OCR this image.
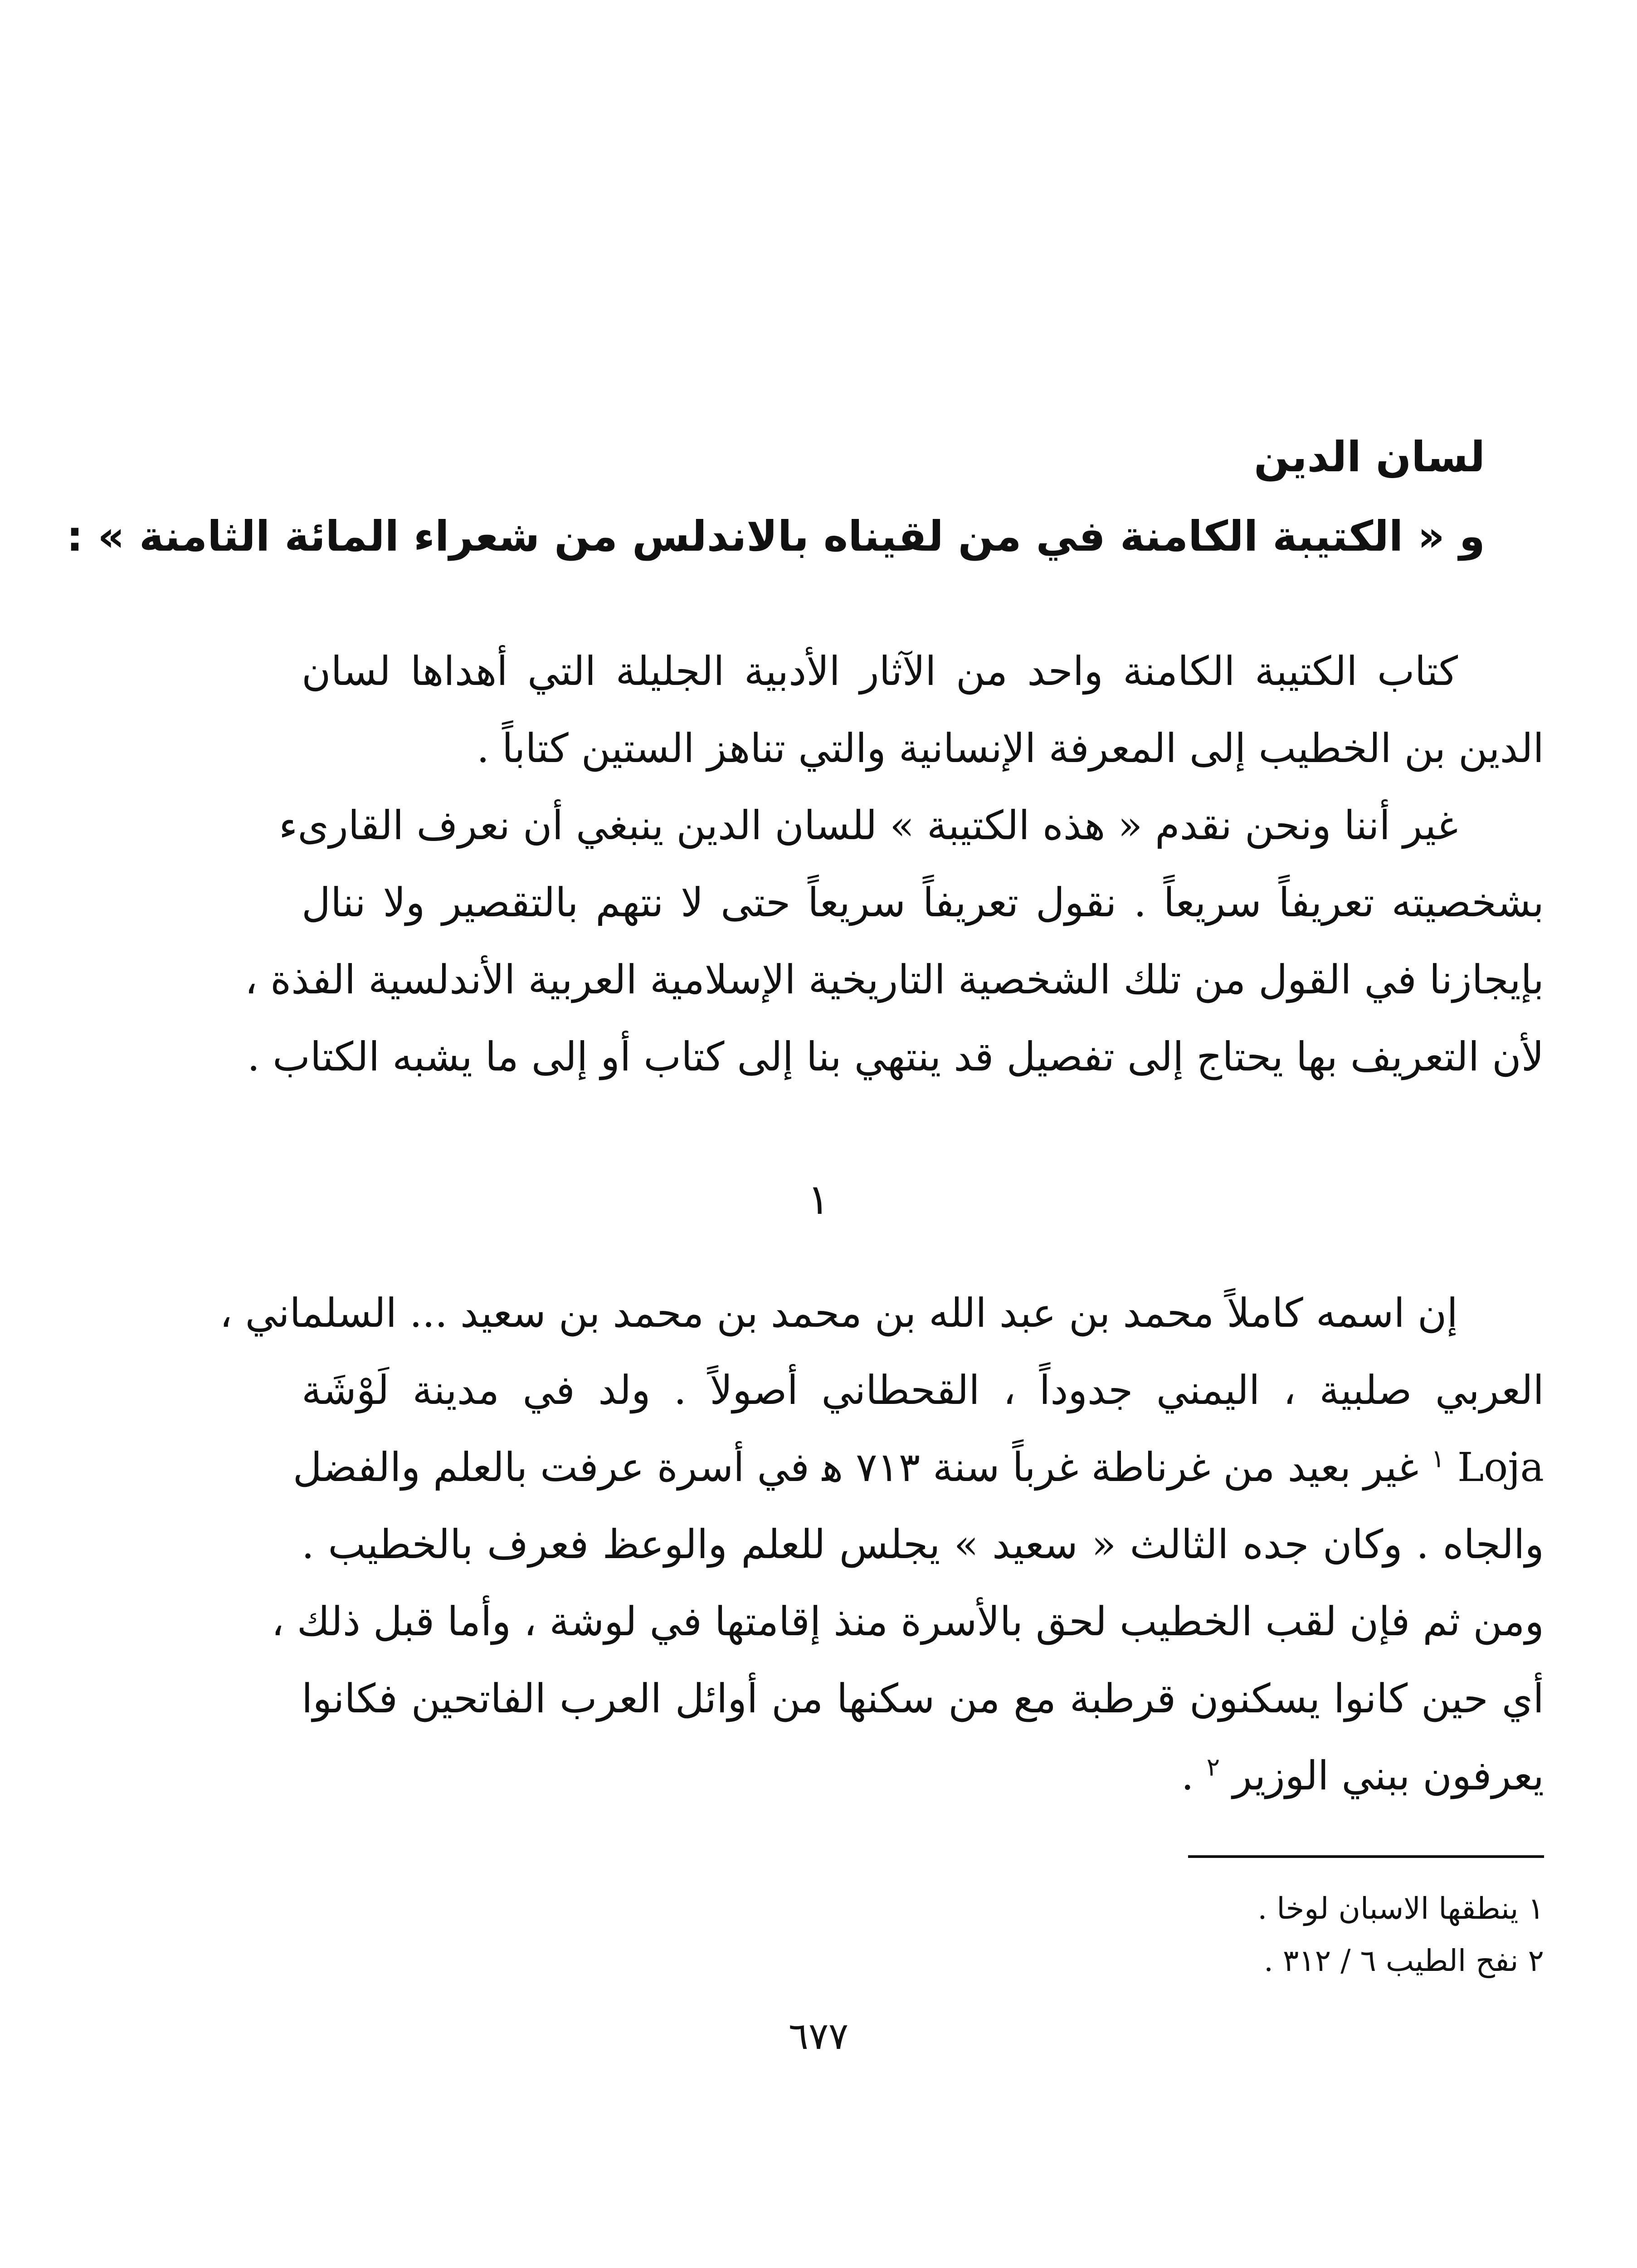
لسان الدين
و « الكتيبة الكامنة في من لقيناه بالاندلس من شعراء المائة الثامنة » :
كتاب الكتيبة الكامنة واحد من الآثار الأدبية الجليلة التي أهداها لسان
الدين بن الخطيب إلى المعرفة الإنسانية والتي تناهز الستين كتاباً .
غير أننا ونحن نقدم « هذه الكتيبة » للسان الدين ينبغي أن نعرف القارىء
بشخصيته تعريفاً سريعاً . نقول تعريفاً سريعاً حتى لا نتهم بالتقصير ولا ننال
بإيجازنا في القول من تلك الشخصية التاريخية الإسلامية العربية الأندلسية الفذة ،
لأن التعريف بها يحتاج إلى تفصيل قد ينتهي بنا إلى كتاب أو إلى ما يشبه الكتاب .
١
إن اسمه كاملاً محمد بن عبد الله بن محمد بن محمد بن سعيد ... السلماني ،
العربي صلبية ، اليمني جدوداً ، القحطاني أصولاً . ولد في مدينة لَوْشَة
Loja $^١$ غير بعيد من غرناطة غرباً سنة ٧١٣ ﻫ في أسرة عرفت بالعلم والفضل
والجاه . وكان جده الثالث « سعيد » يجلس للعلم والوعظ فعرف بالخطيب .
ومن ثم فإن لقب الخطيب لحق بالأسرة منذ إقامتها في لوشة ، وأما قبل ذلك ،
أي حين كانوا يسكنون قرطبة مع من سكنها من أوائل العرب الفاتحين فكانوا
يعرفون ببني الوزير $^٢$ .
١ ينطقها الاسبان لوخا .
٢ نفح الطيب ٦ / ٣١٢ .
٦٧٧
